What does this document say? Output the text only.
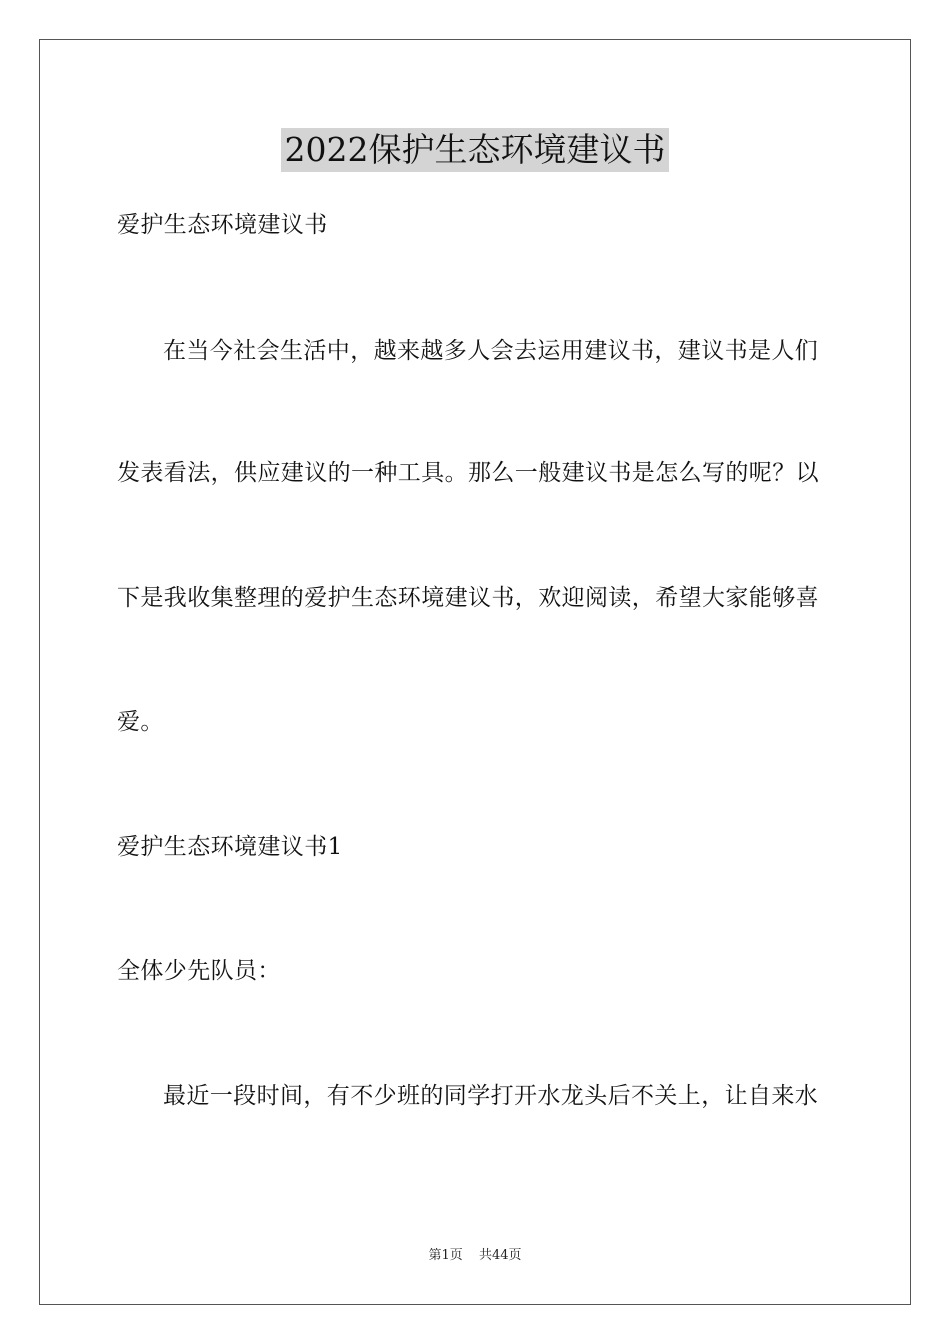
2022保护生态环境建议书
爱护生态环境建议书
在当今社会生活中，越来越多人会去运用建议书，建议书是人们
发表看法，供应建议的一种工具。那么一般建议书是怎么写的呢？以
下是我收集整理的爱护生态环境建议书，欢迎阅读，希望大家能够喜
爱。
爱护生态环境建议书1
全体少先队员：
最近一段时间，有不少班的同学打开水龙头后不关上，让自来水
第1页 共44页
